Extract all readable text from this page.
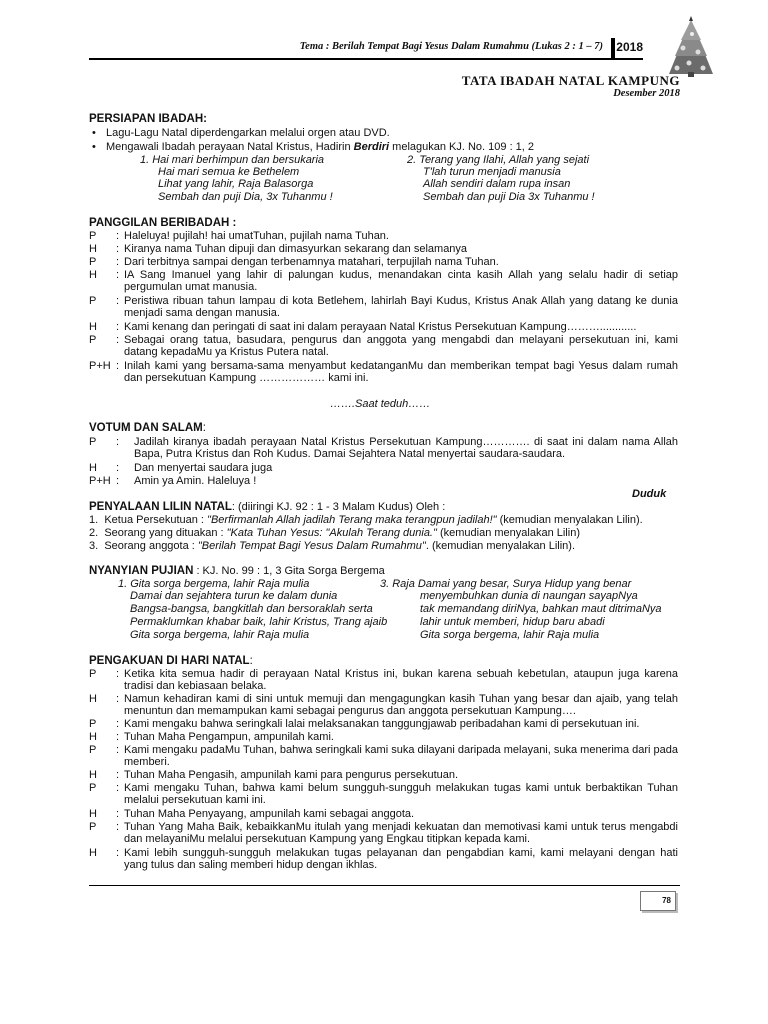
Tema : Berilah Tempat Bagi Yesus Dalam Rumahmu (Lukas 2 : 1 – 7) 2018
TATA IBADAH NATAL KAMPUNG
Desember 2018
PERSIAPAN IBADAH:
• Lagu-Lagu Natal diperdengarkan melalui orgen atau DVD.
• Mengawali Ibadah perayaan Natal Kristus, Hadirin Berdiri melagukan KJ. No. 109 : 1, 2
1. Hai mari berhimpun dan bersukaria
Hai mari semua ke Bethelem
Lihat yang lahir, Raja Balasorga
Sembah dan puji Dia, 3x Tuhanmu !
2. Terang yang Ilahi, Allah yang sejati
T'lah turun menjadi manusia
Allah sendiri dalam rupa insan
Sembah dan puji Dia 3x Tuhanmu !
PANGGILAN BERIBADAH :
P	: Haleluya! pujilah! hai umatTuhan, pujilah nama Tuhan.
H	: Kiranya nama Tuhan dipuji dan dimasyurkan sekarang dan selamanya
P	: Dari terbitnya sampai dengan terbenamnya matahari, terpujilah nama Tuhan.
H	: IA Sang Imanuel yang lahir di palungan kudus, menandakan cinta kasih Allah yang selalu hadir di setiap pergumulan umat manusia.
P	: Peristiwa ribuan tahun lampau di kota Betlehem, lahirlah Bayi Kudus, Kristus Anak Allah yang datang ke dunia menjadi sama dengan manusia.
H	: Kami kenang dan peringati di saat ini dalam perayaan Natal Kristus Persekutuan Kampung………............
P	: Sebagai orang tatua, basudara, pengurus dan anggota yang mengabdi dan melayani persekutuan ini, kami datang kepadaMu ya Kristus Putera natal.
P+H : Inilah kami yang bersama-sama menyambut kedatanganMu dan memberikan tempat bagi Yesus dalam rumah dan persekutuan Kampung ……………… kami ini.
…….Saat teduh……
VOTUM DAN SALAM:
P	: Jadilah kiranya ibadah perayaan Natal Kristus Persekutuan Kampung…………. di saat ini dalam nama Allah Bapa, Putra Kristus dan Roh Kudus. Damai Sejahtera Natal menyertai saudara-saudara.
H	: Dan menyertai saudara juga
P+H : Amin ya Amin. Haleluya !
Duduk
PENYALAAN LILIN NATAL: (diiringi KJ. 92 : 1 - 3 Malam Kudus) Oleh :
1. Ketua Persekutuan : "Berfirmanlah Allah jadilah Terang maka terangpun jadilah!" (kemudian menyalakan Lilin).
2. Seorang yang dituakan : "Kata Tuhan Yesus: "Akulah Terang dunia." (kemudian menyalakan Lilin)
3. Seorang anggota : "Berilah Tempat Bagi Yesus Dalam Rumahmu". (kemudian menyalakan Lilin).
NYANYIAN PUJIAN : KJ. No. 99 : 1, 3 Gita Sorga Bergema
1. Gita sorga bergema, lahir Raja mulia
Damai dan sejahtera turun ke dalam dunia
Bangsa-bangsa, bangkitlah dan bersoraklah serta
Permaklumkan khabar baik, lahir Kristus, Trang ajaib
Gita sorga bergema, lahir Raja mulia
3. Raja Damai yang besar, Surya Hidup yang benar
menyembuhkan dunia di naungan sayapNya
tak memandang diriNya, bahkan maut ditrimaNya
lahir untuk memberi, hidup baru abadi
Gita sorga bergema, lahir Raja mulia
PENGAKUAN DI HARI NATAL:
P	: Ketika kita semua hadir di perayaan Natal Kristus ini, bukan karena sebuah kebetulan, ataupun juga karena tradisi dan kebiasaan belaka.
H	: Namun kehadiran kami di sini untuk memuji dan mengagungkan kasih Tuhan yang besar dan ajaib, yang telah menuntun dan memampukan kami sebagai pengurus dan anggota persekutuan Kampung….
P	: Kami mengaku bahwa seringkali lalai melaksanakan tanggungjawab peribadahan kami di persekutuan ini.
H	: Tuhan Maha Pengampun, ampunilah kami.
P	: Kami mengaku padaMu Tuhan, bahwa seringkali kami suka dilayani daripada melayani, suka menerima dari pada memberi.
H	: Tuhan Maha Pengasih, ampunilah kami para pengurus persekutuan.
P	: Kami mengaku Tuhan, bahwa kami belum sungguh-sungguh melakukan tugas kami untuk berbaktikan Tuhan melalui persekutuan kami ini.
H	: Tuhan Maha Penyayang, ampunilah kami sebagai anggota.
P	: Tuhan Yang Maha Baik, kebaikkanMu itulah yang menjadi kekuatan dan memotivasi kami untuk terus mengabdi dan melayaniMu melalui persekutuan Kampung yang Engkau titipkan kepada kami.
H	: Kami lebih sungguh-sungguh melakukan tugas pelayanan dan pengabdian kami, kami melayani dengan hati yang tulus dan saling memberi hidup dengan ikhlas.
78
